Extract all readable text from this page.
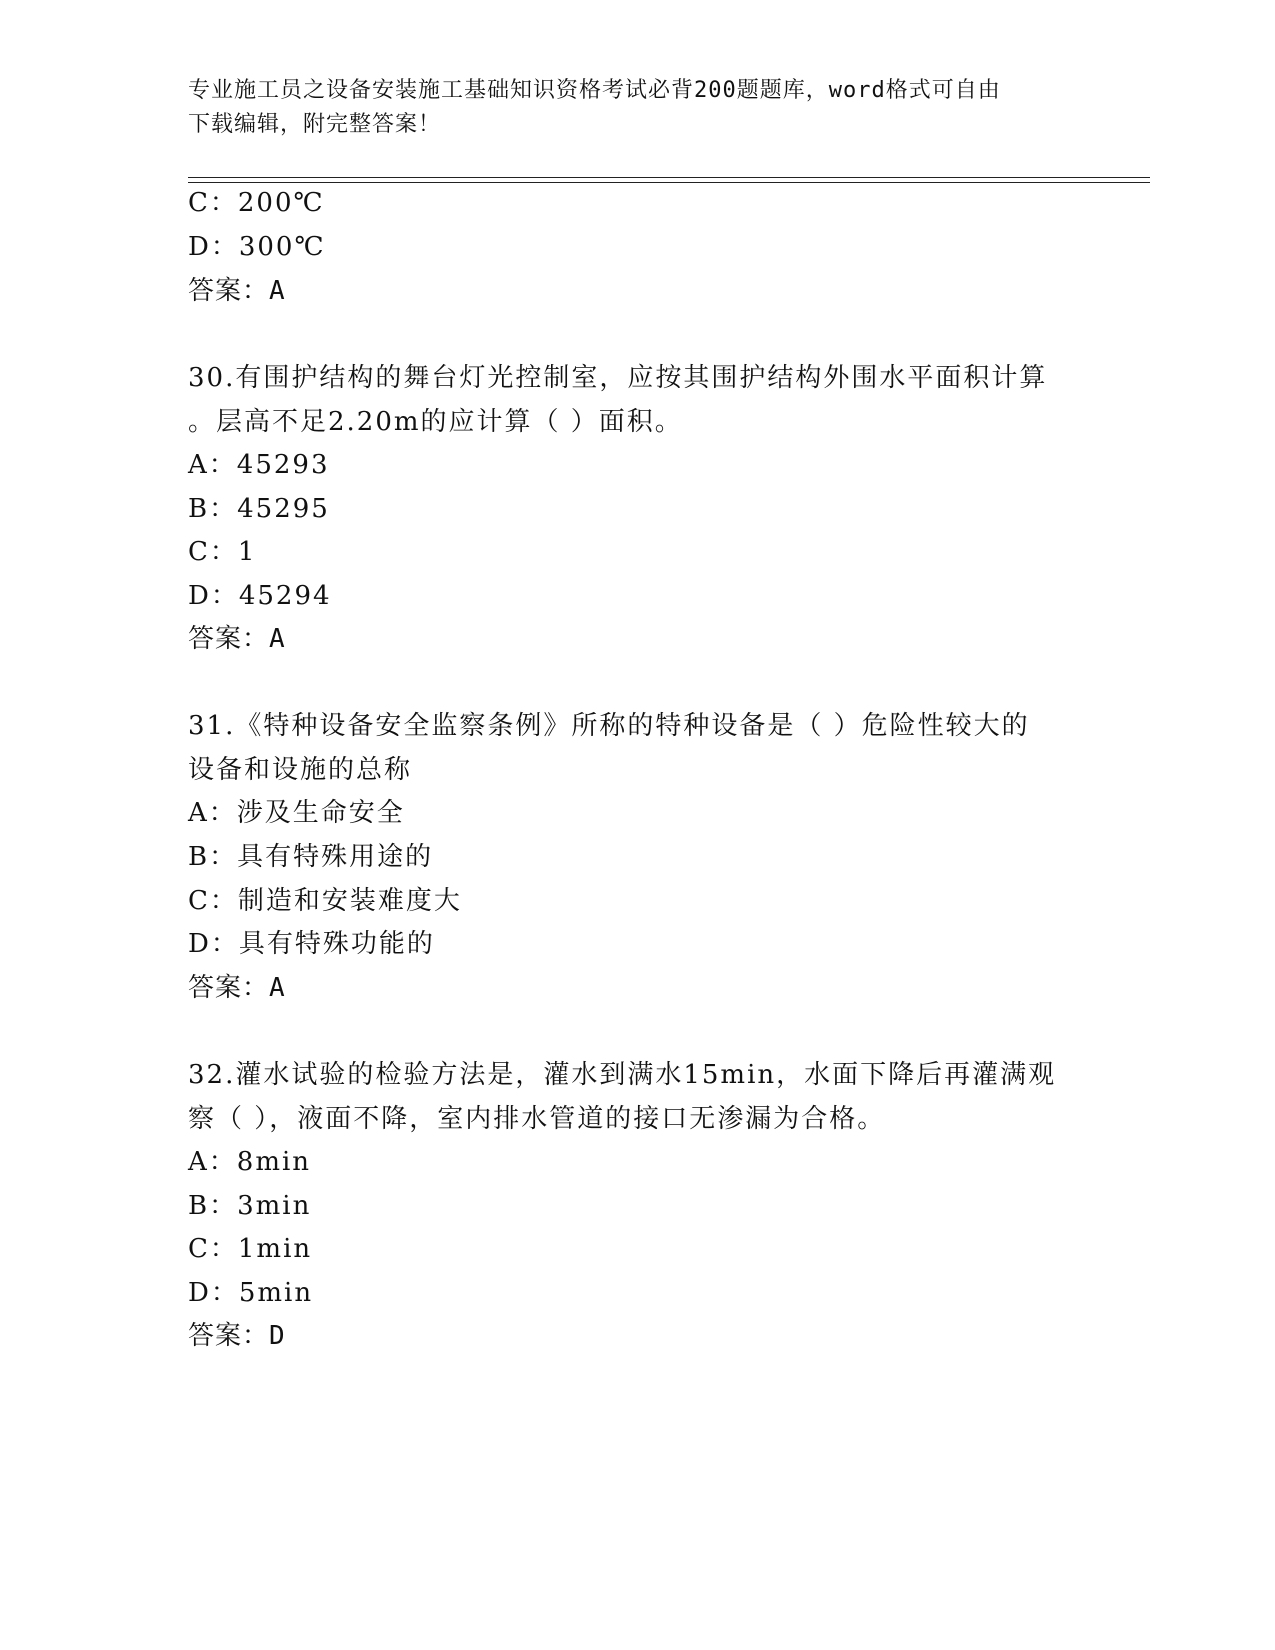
专业施工员之设备安装施工基础知识资格考试必背200题题库，word格式可自由
下载编辑，附完整答案！
C：200℃
D：300℃
答案：A
30.有围护结构的舞台灯光控制室，应按其围护结构外围水平面积计算
。层高不足2.20m的应计算（ ）面积。
A：45293
B：45295
C：1
D：45294
答案：A
31.《特种设备安全监察条例》所称的特种设备是（ ）危险性较大的
设备和设施的总称
A：涉及生命安全
B：具有特殊用途的
C：制造和安装难度大
D：具有特殊功能的
答案：A
32.灌水试验的检验方法是，灌水到满水15min，水面下降后再灌满观
察（ ），液面不降，室内排水管道的接口无渗漏为合格。
A：8min
B：3min
C：1min
D：5min
答案：D
